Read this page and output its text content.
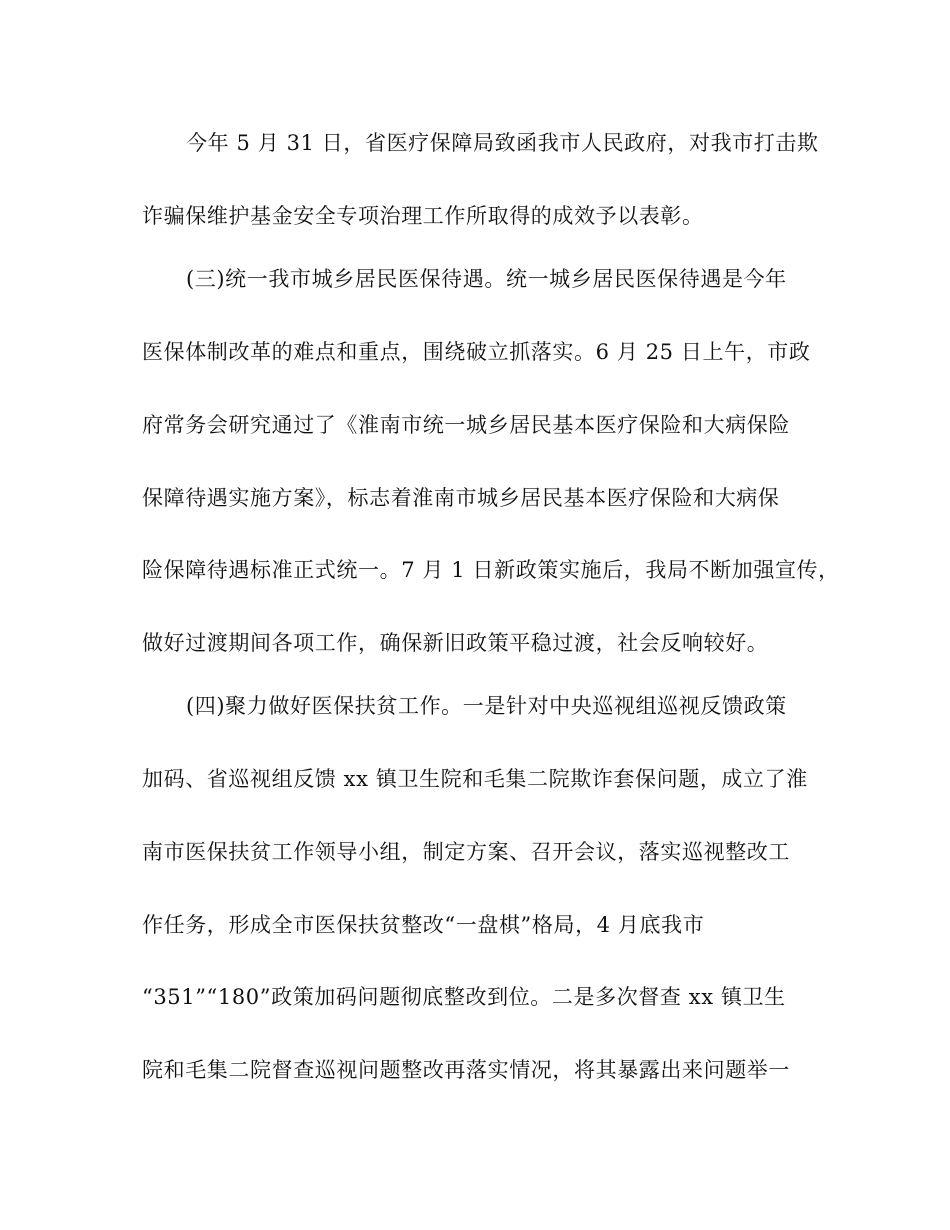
今年 5 月 31 日，省医疗保障局致函我市人民政府，对我市打击欺
诈骗保维护基金安全专项治理工作所取得的成效予以表彰。
(三)统一我市城乡居民医保待遇。统一城乡居民医保待遇是今年
医保体制改革的难点和重点，围绕破立抓落实。6 月 25 日上午，市政
府常务会研究通过了《淮南市统一城乡居民基本医疗保险和大病保险
保障待遇实施方案》，标志着淮南市城乡居民基本医疗保险和大病保
险保障待遇标准正式统一。7 月 1 日新政策实施后，我局不断加强宣传，
做好过渡期间各项工作，确保新旧政策平稳过渡，社会反响较好。
(四)聚力做好医保扶贫工作。一是针对中央巡视组巡视反馈政策
加码、省巡视组反馈 xx 镇卫生院和毛集二院欺诈套保问题，成立了淮
南市医保扶贫工作领导小组，制定方案、召开会议，落实巡视整改工
作任务，形成全市医保扶贫整改“一盘棋”格局，4 月底我市
“351”“180”政策加码问题彻底整改到位。二是多次督查 xx 镇卫生
院和毛集二院督查巡视问题整改再落实情况，将其暴露出来问题举一
